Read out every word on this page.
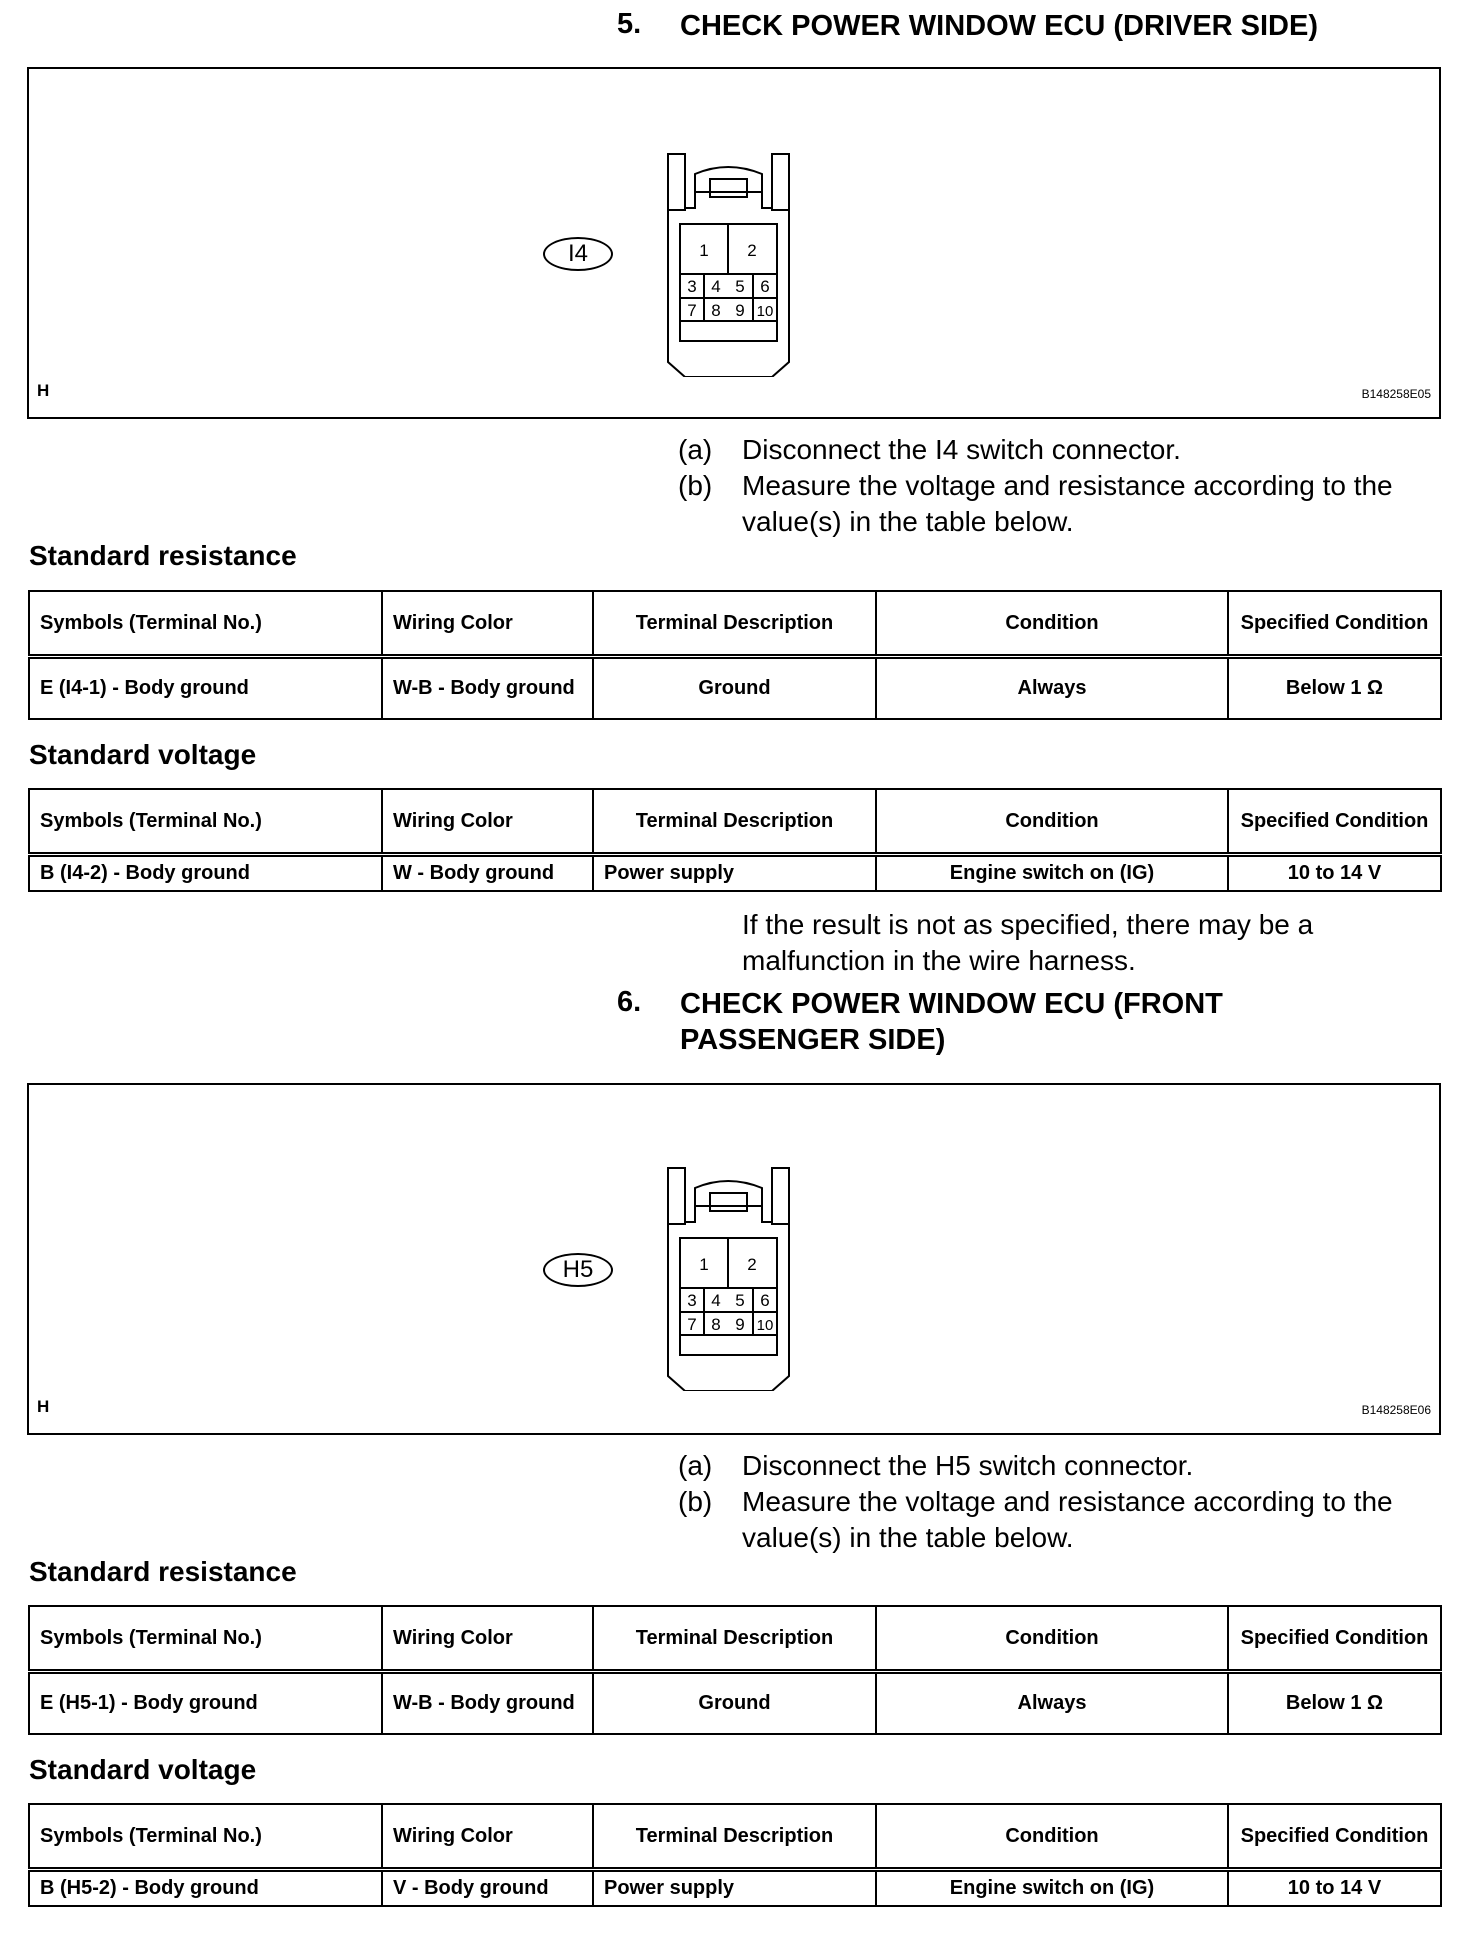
5. CHECK POWER WINDOW ECU (DRIVER SIDE)
I4	1 2
3 4 5 6
7 8 9 10
H	B148258E05
(a)	Disconnect the I4 switch connector.
(b)	Measure the voltage and resistance according to the value(s) in the table below.
Standard resistance
Symbols (Terminal No.)	Wiring Color	Terminal Description	Condition	Specified Condition
E (I4-1) - Body ground	W-B - Body ground	Ground	Always	Below 1 Ω
Standard voltage
Symbols (Terminal No.)	Wiring Color	Terminal Description	Condition	Specified Condition
B (I4-2) - Body ground	W - Body ground	Power supply	Engine switch on (IG)	10 to 14 V
If the result is not as specified, there may be a malfunction in the wire harness.
6. CHECK POWER WINDOW ECU (FRONT
PASSENGER SIDE)
H5	1 2
3 4 5 6
7 8 9 10
H	B148258E06
(a)	Disconnect the H5 switch connector.
(b)	Measure the voltage and resistance according to the value(s) in the table below.
Standard resistance
Symbols (Terminal No.)	Wiring Color	Terminal Description	Condition	Specified Condition
E (H5-1) - Body ground	W-B - Body ground	Ground	Always	Below 1 Ω
Standard voltage
Symbols (Terminal No.)	Wiring Color	Terminal Description	Condition	Specified Condition
B (H5-2) - Body ground	V - Body ground	Power supply	Engine switch on (IG)	10 to 14 V
